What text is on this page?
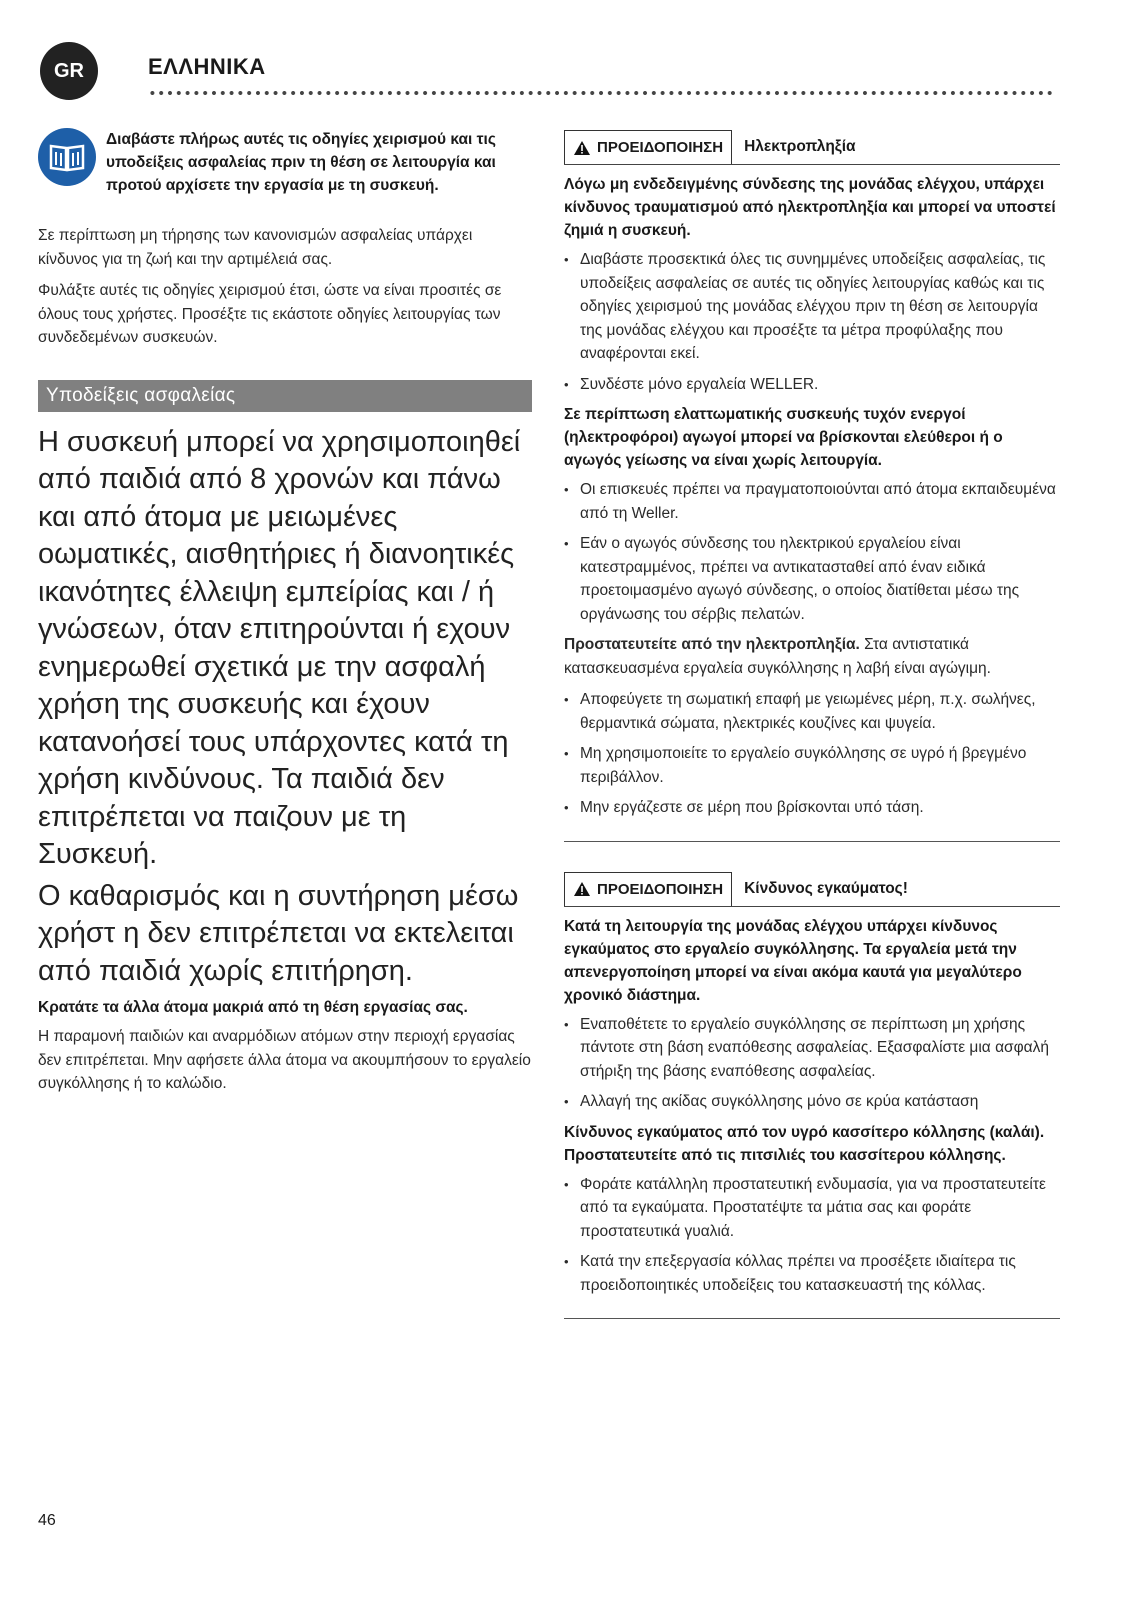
GR	ΕΛΛΗΝΙΚΑ
Διαβάστε πλήρως αυτές τις οδηγίες χειρισμού και τις υποδείξεις ασφαλείας πριν τη θέση σε λειτουργία και προτού αρχίσετε την εργασία με τη συσκευή.

Σε περίπτωση μη τήρησης των κανονισμών ασφαλείας υπάρχει κίνδυνος για τη ζωή και την αρτιμέλειά σας.

Φυλάξτε αυτές τις οδηγίες χειρισμού έτσι, ώστε να είναι προσιτές σε όλους τους χρήστες. Προσέξτε τις εκάστοτε οδηγίες λειτουργίας των συνδεδεμένων συσκευών.

Υποδείξεις ασφαλείας

Η συσκευή μπορεί να χρησιμοποιηθεί από παιδιά από 8 χρονών και πάνω και από άτομα με μειωμένες οωματικές, αισθητήριες ή διανοητικές ικανότητες έλλειψη εμπείρίας και / ή γνώσεων, όταν επιτηρούνται ή εχουν ενημερωθεί σχετικά με την ασφαλή χρήση της συσκευής και έχουν κατανοήσεί τους υπάρχοντες κατά τη χρήση κινδύνους. Τα παιδιά δεν επιτρέπεται να παιζουν με τη Συσκευή.

Ο καθαρισμός και η συντήρηση μέσω χρήστ η δεν επιτρέπεται να εκτελειται από παιδιά χωρίς επιτήρηση.

Κρατάτε τα άλλα άτομα μακριά από τη θέση εργασίας σας.

Η παραμονή παιδιών και αναρμόδιων ατόμων στην περιοχή εργασίας δεν επιτρέπεται. Μην αφήσετε άλλα άτομα να ακουμπήσουν το εργαλείο συγκόλλησης ή το καλώδιο.

ΠΡΟΕΙΔΟΠΟΙΗΣΗ	Ηλεκτροπληξία

Λόγω μη ενδεδειγμένης σύνδεσης της μονάδας ελέγχου, υπάρχει κίνδυνος τραυματισμού από ηλεκτροπληξία και μπορεί να υποστεί ζημιά η συσκευή.

• Διαβάστε προσεκτικά όλες τις συνημμένες υποδείξεις ασφαλείας, τις υποδείξεις ασφαλείας σε αυτές τις οδηγίες λειτουργίας καθώς και τις οδηγίες χειρισμού της μονάδας ελέγχου πριν τη θέση σε λειτουργία της μονάδας ελέγχου και προσέξτε τα μέτρα προφύλαξης που αναφέρονται εκεί.
• Συνδέστε μόνο εργαλεία WELLER.

Σε περίπτωση ελαττωματικής συσκευής τυχόν ενεργοί (ηλεκτροφόροι) αγωγοί μπορεί να βρίσκονται ελεύθεροι ή ο αγωγός γείωσης να είναι χωρίς λειτουργία.

• Οι επισκευές πρέπει να πραγματοποιούνται από άτομα εκπαιδευμένα από τη Weller.
• Εάν ο αγωγός σύνδεσης του ηλεκτρικού εργαλείου είναι κατεστραμμένος, πρέπει να αντικατασταθεί από έναν ειδικά προετοιμασμένο αγωγό σύνδεσης, ο οποίος διατίθεται μέσω της οργάνωσης του σέρβις πελατών.

Προστατευτείτε από την ηλεκτροπληξία. Στα αντιστατικά κατασκευασμένα εργαλεία συγκόλλησης η λαβή είναι αγώγιμη.

• Αποφεύγετε τη σωματική επαφή με γειωμένες μέρη, π.χ. σωλήνες, θερμαντικά σώματα, ηλεκτρικές κουζίνες και ψυγεία.
• Μη χρησιμοποιείτε το εργαλείο συγκόλλησης σε υγρό ή βρεγμένο περιβάλλον.
• Μην εργάζεστε σε μέρη που βρίσκονται υπό τάση.
ΠΡΟΕΙΔΟΠΟΙΗΣΗ	Κίνδυνος εγκαύματος!

Κατά τη λειτουργία της μονάδας ελέγχου υπάρχει κίνδυνος εγκαύματος στο εργαλείο συγκόλλησης. Τα εργαλεία μετά την απενεργοποίηση μπορεί να είναι ακόμα καυτά για μεγαλύτερο χρονικό διάστημα.

• Εναποθέτετε το εργαλείο συγκόλλησης σε περίπτωση μη χρήσης πάντοτε στη βάση εναπόθεσης ασφαλείας. Εξασφαλίστε μια ασφαλή στήριξη της βάσης εναπόθεσης ασφαλείας.
• Αλλαγή της ακίδας συγκόλλησης μόνο σε κρύα κατάσταση

Κίνδυνος εγκαύματος από τον υγρό κασσίτερο κόλλησης (καλάι). Προστατευτείτε από τις πιτσιλιές του κασσίτερου κόλλησης.

• Φοράτε κατάλληλη προστατευτική ενδυμασία, για να προστατευτείτε από τα εγκαύματα. Προστατέψτε τα μάτια σας και φοράτε προστατευτικά γυαλιά.
• Κατά την επεξεργασία κόλλας πρέπει να προσέξετε ιδιαίτερα τις προειδοποιητικές υποδείξεις του κατασκευαστή της κόλλας.
46
